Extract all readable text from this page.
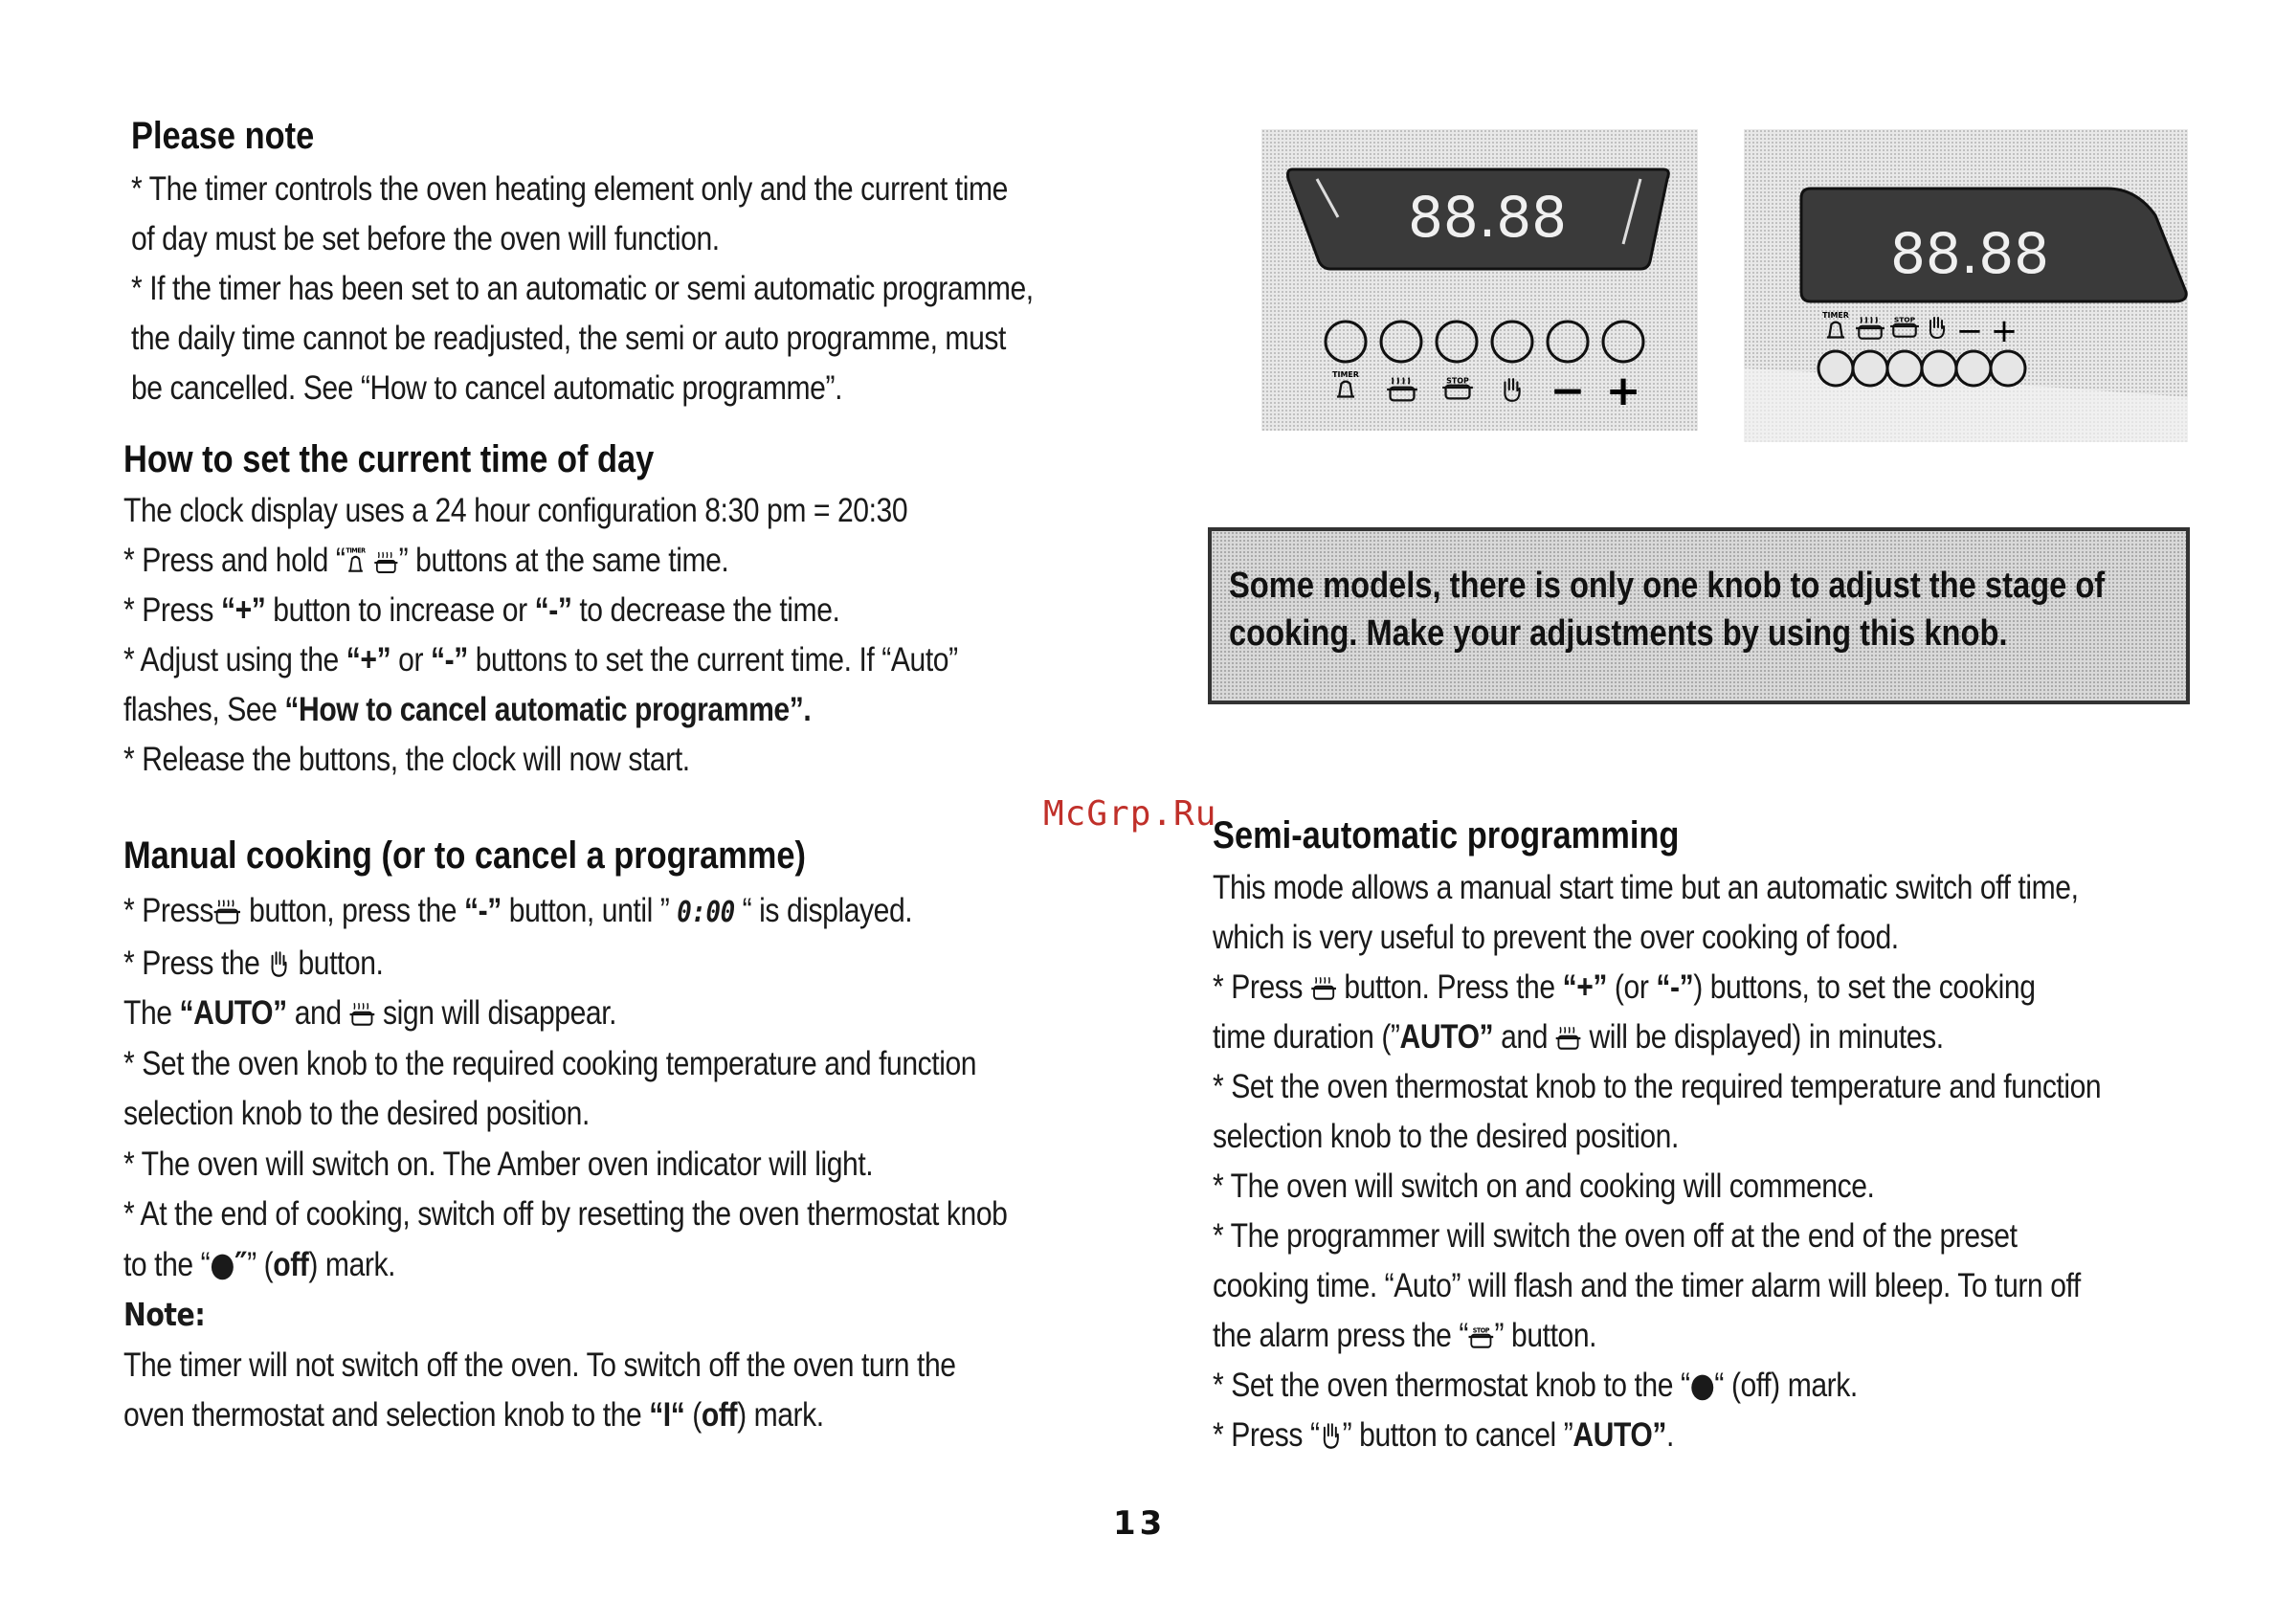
McGrp.Ru
Please note

* The timer controls the oven heating element only and the current time

of day must be set before the oven will function.

* If the timer has been set to an automatic or semi automatic programme,

the daily time cannot be readjusted, the semi or auto programme, must

be cancelled. See “How to cancel automatic programme”.

How to set the current time of day

The clock display uses a 24 hour configuration 8:30 pm = 20:30

* Press and hold “ ” buttons at the same time.

* Press “+” button to increase or “-” to decrease the time.

* Adjust using the “+” or “-” buttons to set the current time. If “Auto”

flashes, See “How to cancel automatic programme”.

* Release the buttons, the clock will now start.

Manual cooking (or to cancel a programme)

* Press button, press the “-” button, until ” 0:00 “ is displayed.

* Press the  button.

The “AUTO” and  sign will disappear.

* Set the oven knob to the required cooking temperature and function

selection knob to the desired position.

* The oven will switch on. The Amber oven indicator will light.

* At the end of cooking, switch off by resetting the oven thermostat knob

to the “●″” (off) mark.

Note:

The timer will not switch off the oven. To switch off the oven turn the

oven thermostat and selection knob to the “I“ (off) mark.

88.88
− +
88.88
− +
Some models, there is only one knob to adjust the stage of
cooking. Make your adjustments by using this knob.
Semi-automatic programming

This mode allows a manual start time but an automatic switch off time,

which is very useful to prevent the over cooking of food.

* Press  button. Press the “+” (or “-”) buttons, to set the cooking

time duration (”AUTO” and  will be displayed) in minutes.

* Set the oven thermostat knob to the required temperature and function

selection knob to the desired position.

* The oven will switch on and cooking will commence.

* The programmer will switch the oven off at the end of the preset

cooking time. “Auto” will flash and the timer alarm will bleep. To turn off

the alarm press the “ ” button.

* Set the oven thermostat knob to the “●“ (off) mark.

* Press “ ” button to cancel ”AUTO”.

13
